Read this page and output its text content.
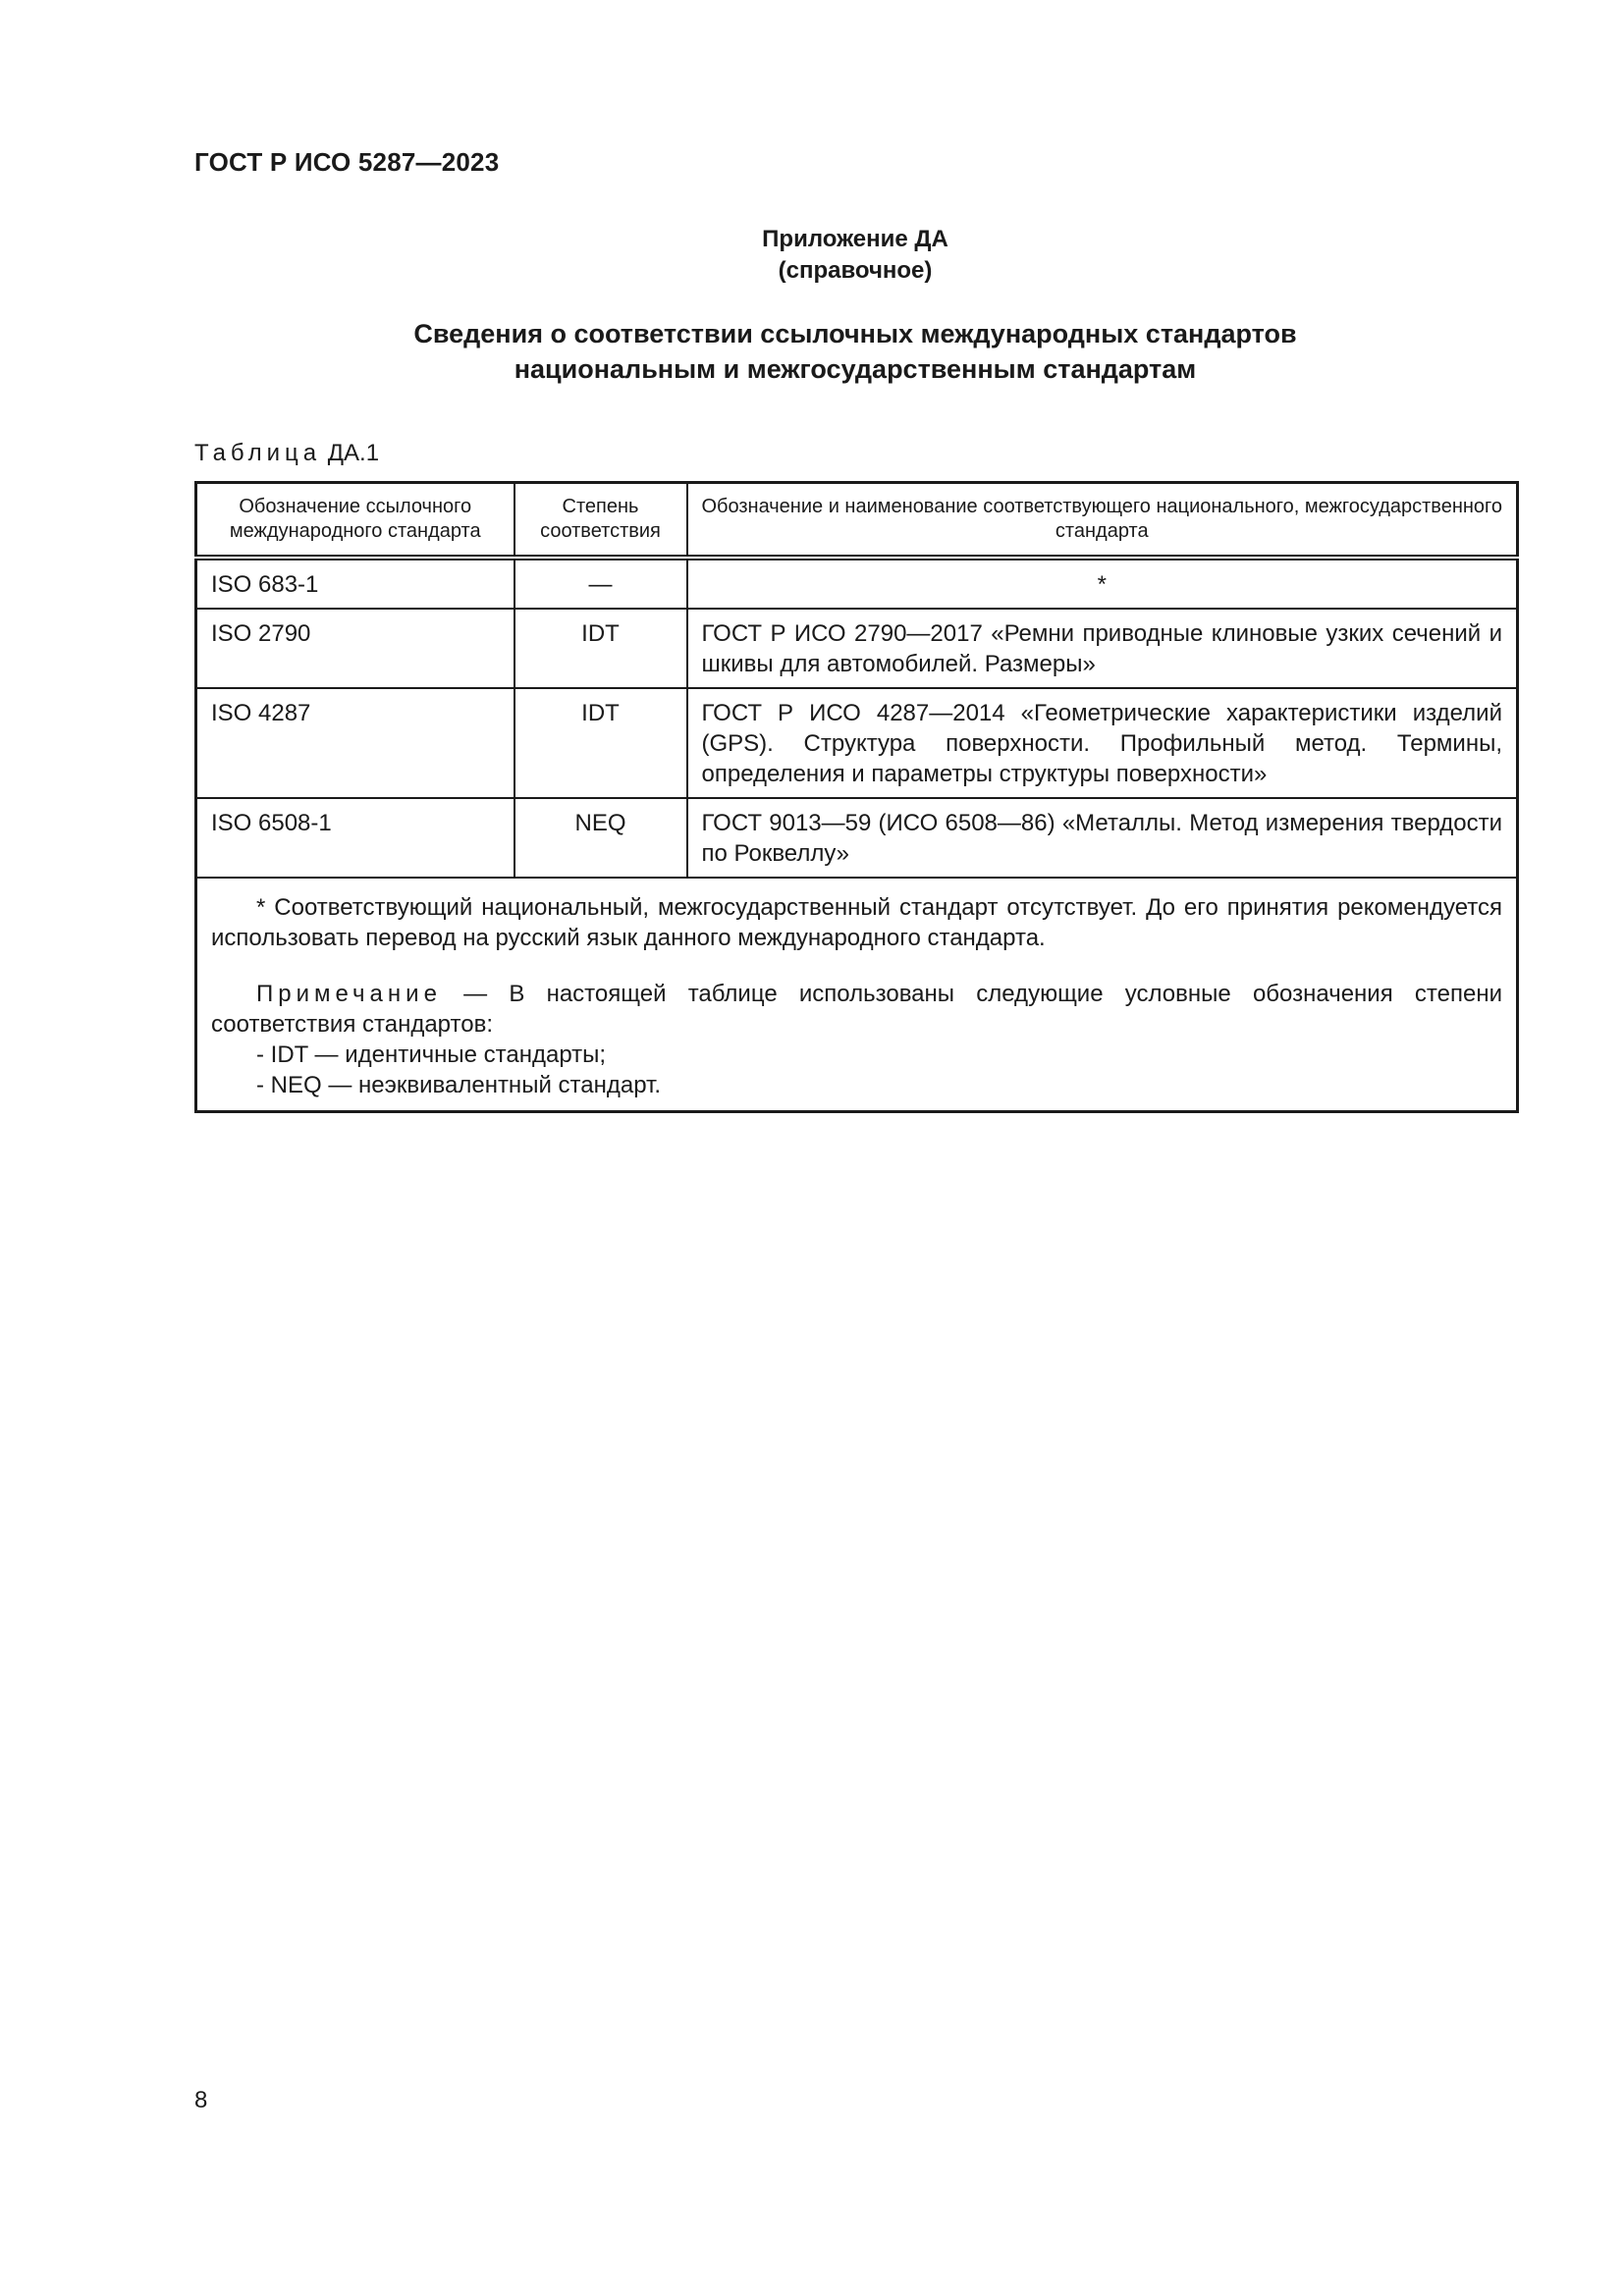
ГОСТ Р ИСО 5287—2023
Приложение ДА
(справочное)
Сведения о соответствии ссылочных международных стандартов
национальным и межгосударственным стандартам
Таблица ДА.1
Обозначение ссылочного международного стандарта	Степень соответствия	Обозначение и наименование соответствующего национального, межгосударственного стандарта
ISO 683-1	—	*
ISO 2790	IDT	ГОСТ Р ИСО 2790—2017 «Ремни приводные клиновые узких сечений и шкивы для автомобилей. Размеры»
ISO 4287	IDT	ГОСТ Р ИСО 4287—2014 «Геометрические характеристики изделий (GPS). Структура поверхности. Профильный метод. Термины, определения и параметры структуры поверхности»
ISO 6508-1	NEQ	ГОСТ 9013—59 (ИСО 6508—86) «Металлы. Метод измерения твердости по Роквеллу»

* Соответствующий национальный, межгосударственный стандарт отсутствует. До его принятия рекомендуется использовать перевод на русский язык данного международного стандарта.

Примечание — В настоящей таблице использованы следующие условные обозначения степени соответствия стандартов:

- IDT — идентичные стандарты;

- NEQ — неэквивалентный стандарт.		

8
